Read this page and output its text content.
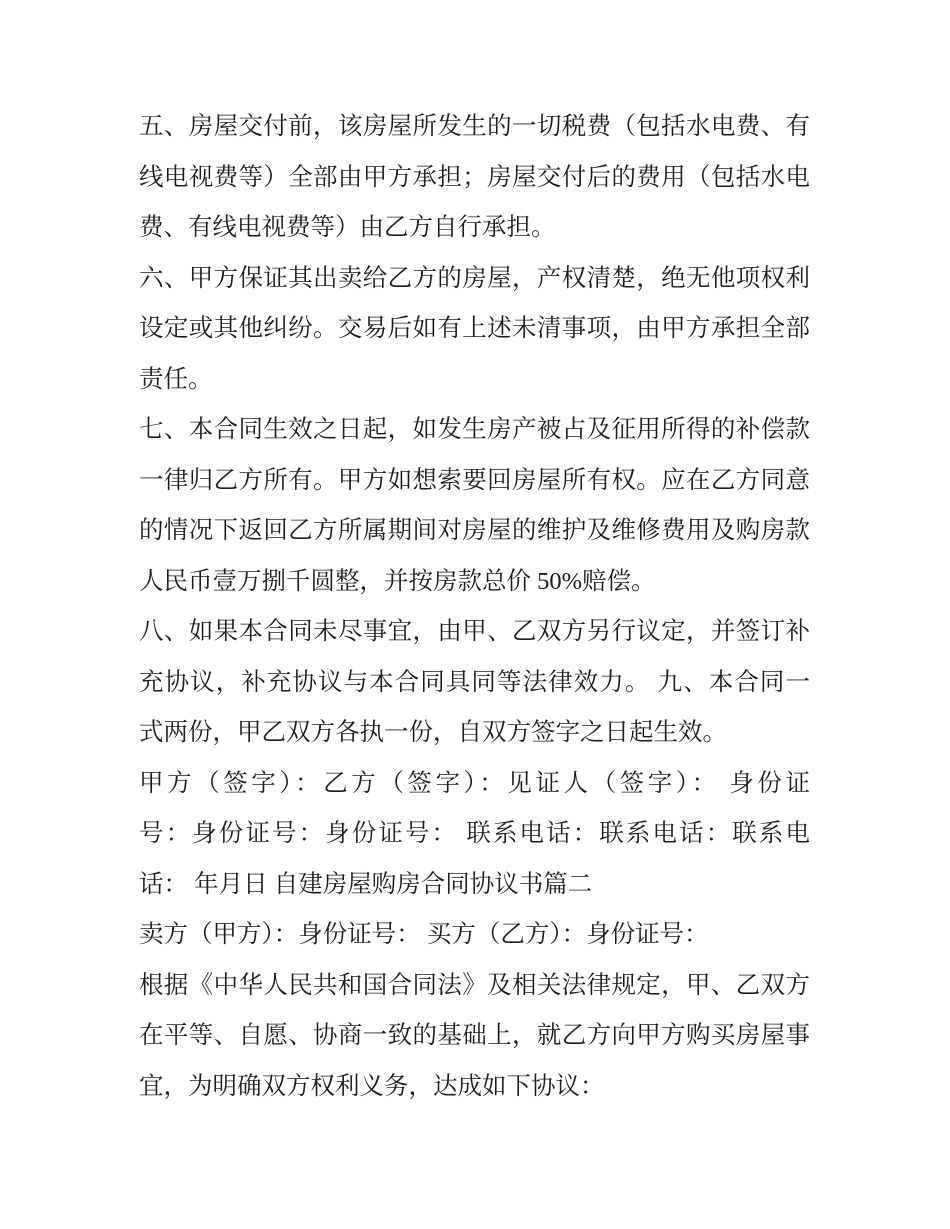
五、房屋交付前，该房屋所发生的一切税费（包括水电费、有
线电视费等）全部由甲方承担；房屋交付后的费用（包括水电
费、有线电视费等）由乙方自行承担。
六、甲方保证其出卖给乙方的房屋，产权清楚，绝无他项权利
设定或其他纠纷。交易后如有上述未清事项，由甲方承担全部
责任。
七、本合同生效之日起，如发生房产被占及征用所得的补偿款
一律归乙方所有。甲方如想索要回房屋所有权。应在乙方同意
的情况下返回乙方所属期间对房屋的维护及维修费用及购房款
人民币壹万捌千圆整，并按房款总价 50%赔偿。
八、如果本合同未尽事宜，由甲、乙双方另行议定，并签订补
充协议，补充协议与本合同具同等法律效力。 九、本合同一
式两份，甲乙双方各执一份，自双方签字之日起生效。
甲方（签字）：乙方（签字）：见证人（签字）： 身份证
号：身份证号：身份证号： 联系电话：联系电话：联系电
话： 年月日 自建房屋购房合同协议书篇二
卖方（甲方）：身份证号： 买方（乙方）：身份证号：
根据《中华人民共和国合同法》及相关法律规定，甲、乙双方
在平等、自愿、协商一致的基础上，就乙方向甲方购买房屋事
宜，为明确双方权利义务，达成如下协议：
